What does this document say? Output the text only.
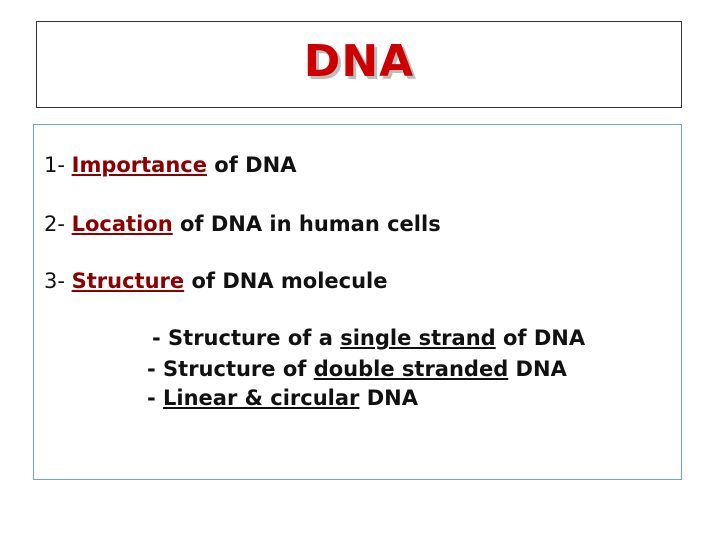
DNA
1- Importance of DNA
2- Location of DNA in human cells
3- Structure of DNA molecule
- Structure of a single strand of DNA
- Structure of double stranded DNA
- Linear & circular DNA
